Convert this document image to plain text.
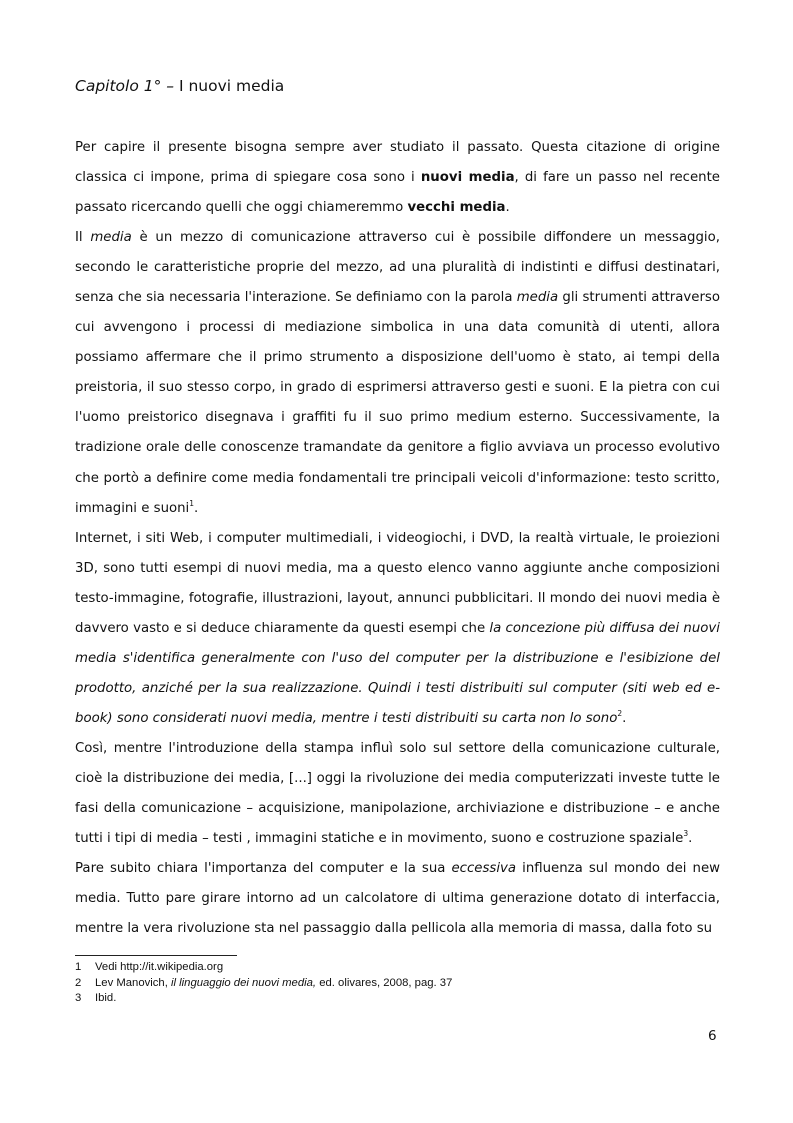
Capitolo 1° – I nuovi media

Per capire il presente bisogna sempre aver studiato il passato. Questa citazione di origine classica ci impone, prima di spiegare cosa sono i nuovi media, di fare un passo nel recente passato ricercando quelli che oggi chiameremmo vecchi media.

Il media è un mezzo di comunicazione attraverso cui è possibile diffondere un messaggio, secondo le caratteristiche proprie del mezzo, ad una pluralità di indistinti e diffusi destinatari, senza che sia necessaria l'interazione. Se definiamo con la parola media gli strumenti attraverso cui avvengono i processi di mediazione simbolica in una data comunità di utenti, allora possiamo affermare che il primo strumento a disposizione dell'uomo è stato, ai tempi della preistoria, il suo stesso corpo, in grado di esprimersi attraverso gesti e suoni. E la pietra con cui l'uomo preistorico disegnava i graffiti fu il suo primo medium esterno. Successivamente, la tradizione orale delle conoscenze tramandate da genitore a figlio avviava un processo evolutivo che portò a definire come media fondamentali tre principali veicoli d'informazione: testo scritto, immagini e suoni$^1$.

Internet, i siti Web, i computer multimediali, i videogiochi, i DVD, la realtà virtuale, le proiezioni 3D, sono tutti esempi di nuovi media, ma a questo elenco vanno aggiunte anche composizioni testo-immagine, fotografie, illustrazioni, layout, annunci pubblicitari. Il mondo dei nuovi media è davvero vasto e si deduce chiaramente da questi esempi che la concezione più diffusa dei nuovi media s'identifica generalmente con l'uso del computer per la distribuzione e l'esibizione del prodotto, anziché per la sua realizzazione. Quindi i testi distribuiti sul computer (siti web ed e-book) sono considerati nuovi media, mentre i testi distribuiti su carta non lo sono$^2$.

Così, mentre l'introduzione della stampa influì solo sul settore della comunicazione culturale, cioè la distribuzione dei media, [...] oggi la rivoluzione dei media computerizzati investe tutte le fasi della comunicazione – acquisizione, manipolazione, archiviazione e distribuzione – e anche tutti i tipi di media – testi , immagini statiche e in movimento, suono e costruzione spaziale$^3$.

Pare subito chiara l'importanza del computer e la sua eccessiva influenza sul mondo dei new media. Tutto pare girare intorno ad un calcolatore di ultima generazione dotato di interfaccia, mentre la vera rivoluzione sta nel passaggio dalla pellicola alla memoria di massa, dalla foto su

1 Vedi http://it.wikipedia.org
2 Lev Manovich, il linguaggio dei nuovi media, ed. olivares, 2008, pag. 37
3 Ibid.
6
